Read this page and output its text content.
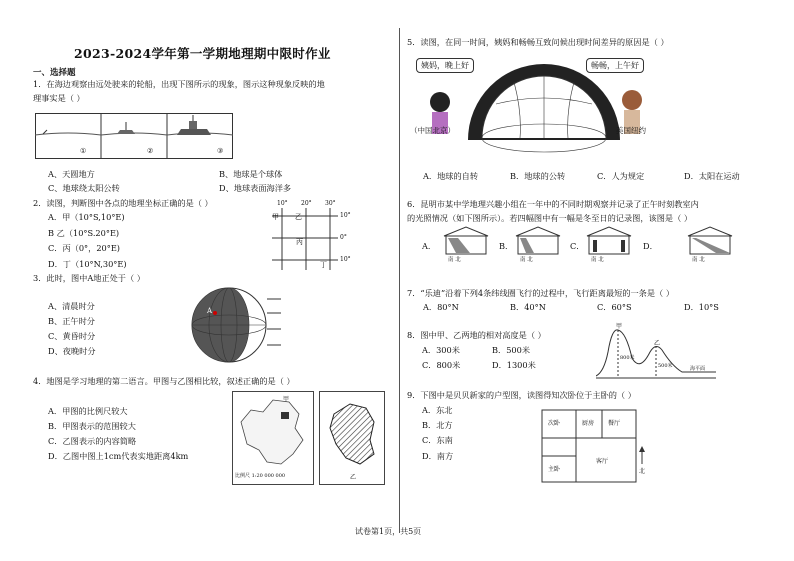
2023-2024学年第一学期地理期中限时作业
一、选择题
1．在海边观察由远处驶来的轮船，出现下图所示的现象，图示这种现象反映的地
理事实是（ ）
①	②	③
A、天圆地方	B、地球是个球体
C、地球绕太阳公转	D、地球表面海洋多
2．读图，判断图中各点的地理坐标正确的是（ ）
A．甲（10°S,10°E)
B 乙（10°S.20°E)
C．丙（0°，20°E)
D．丁（10°N,30°E)
10° 20° 30°
10°
0°
10°
甲 乙
丙
丁
3．此时，图中A地正处于（ ）
A、清晨时分
B、正午时分
C、黄昏时分
D、夜晚时分
A
4．地图是学习地理的第二语言。甲图与乙图相比较，叙述正确的是（ ）
A．甲图的比例尺较大
B．甲图表示的范围较大
C．乙图表示的内容简略
D．乙图中图上1cm代表实地距离4km
甲
比例尺 1:20 000 000	乙
5．读图，在同一时间，姨妈和畅畅互致问候出现时间差异的原因是（ ）
姨妈，晚上好	畅畅，上午好
（中国北京）	美国纽约
A．地球的自转	B．地球的公转	C．人为规定	D．太阳在运动
6．昆明市某中学地理兴趣小组在一年中的不同时期观察并记录了正午时刻教室内
的光照情况（如下图所示）。若四幅图中有一幅是冬至日的记录图，该图是（ ）
A．
南 北
B．
南 北
C．
南 北
D．
南 北
7．“乐迪”沿着下列4条纬线圈飞行的过程中，飞行距离最短的一条是（ ）
A．80°N	B．40°N	C．60°S	D．10°S
8．图中甲、乙两地的相对高度是（ ）
A．300米	B．500米
C．800米	D．1300米
甲
乙
800米
500米	海平面
9．下图中是贝贝新家的户型图，读图得知次卧位于主卧的（ ）
A．东北
B．北方
C．东南
D．南方
次卧	厨房 餐厅
主卧
客厅
北
试卷第1页，共5页
